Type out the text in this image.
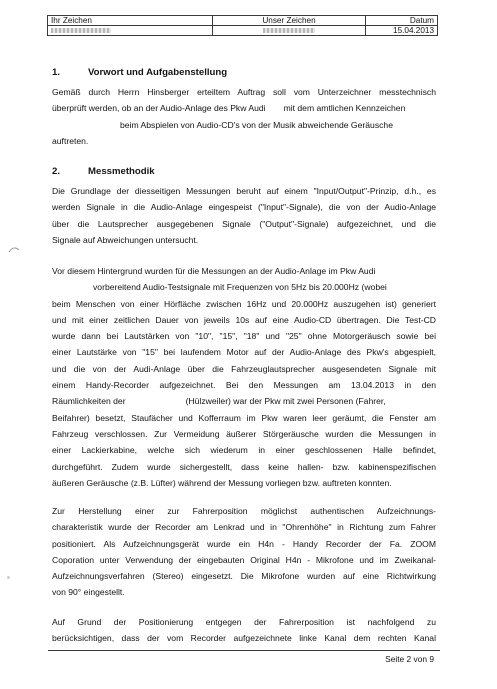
Ihr Zeichen	Unser Zeichen	Datum
		15.04.2013
1.	Vorwort und Aufgabenstellung
Gemäß durch Herrn Hinsberger erteiltem Auftrag soll vom Unterzeichner messtechnisch
überprüft werden, ob an der Audio-Anlage des Pkw Audi mit dem amtlichen Kennzeichen
beim Abspielen von Audio-CD's von der Musik abweichende Geräusche
auftreten.
2.	Messmethodik
Die Grundlage der diesseitigen Messungen beruht auf einem "Input/Output"-Prinzip, d.h., es
werden Signale in die Audio-Anlage eingespeist ("Input"-Signale), die von der Audio-Anlage
über die Lautsprecher ausgegebenen Signale ("Output"-Signale) aufgezeichnet, und die
Signale auf Abweichungen untersucht.
Vor diesem Hintergrund wurden für die Messungen an der Audio-Anlage im Pkw Audi
vorbereitend Audio-Testsignale mit Frequenzen von 5Hz bis 20.000Hz (wobei
beim Menschen von einer Hörfläche zwischen 16Hz und 20.000Hz auszugehen ist) generiert
und mit einer zeitlichen Dauer von jeweils 10s auf eine Audio-CD übertragen. Die Test-CD
wurde dann bei Lautstärken von "10", "15", "18" und "25" ohne Motorgeräusch sowie bei
einer Lautstärke von "15" bei laufendem Motor auf der Audio-Anlage des Pkw's abgespielt,
und die von der Audi-Anlage über die Fahrzeuglautsprecher ausgesendeten Signale mit
einem Handy-Recorder aufgezeichnet. Bei den Messungen am 13.04.2013 in den
Räumlichkeiten der	(Hülzweiler) war der Pkw mit zwei Personen (Fahrer,
Beifahrer) besetzt, Staufächer und Kofferraum im Pkw waren leer geräumt, die Fenster am
Fahrzeug verschlossen. Zur Vermeidung äußerer Störgeräusche wurden die Messungen in
einer Lackierkabine, welche sich wiederum in einer geschlossenen Halle befindet,
durchgeführt. Zudem wurde sichergestellt, dass keine hallen- bzw. kabinenspezifischen
äußeren Geräusche (z.B. Lüfter) während der Messung vorliegen bzw. auftreten konnten.
Zur Herstellung einer zur Fahrerposition möglichst authentischen Aufzeichnungs-
charakteristik wurde der Recorder am Lenkrad und in "Ohrenhöhe" in Richtung zum Fahrer
positioniert. Als Aufzeichnungsgerät wurde ein H4n - Handy Recorder der Fa. ZOOM
Coporation unter Verwendung der eingebauten Original H4n - Mikrofone und im Zweikanal-
Aufzeichnungsverfahren (Stereo) eingesetzt. Die Mikrofone wurden auf eine Richtwirkung
von 90° eingestellt.
Auf Grund der Positionierung entgegen der Fahrerposition ist nachfolgend zu
berücksichtigen, dass der vom Recorder aufgezeichnete linke Kanal dem rechten Kanal
Seite 2 von 9
